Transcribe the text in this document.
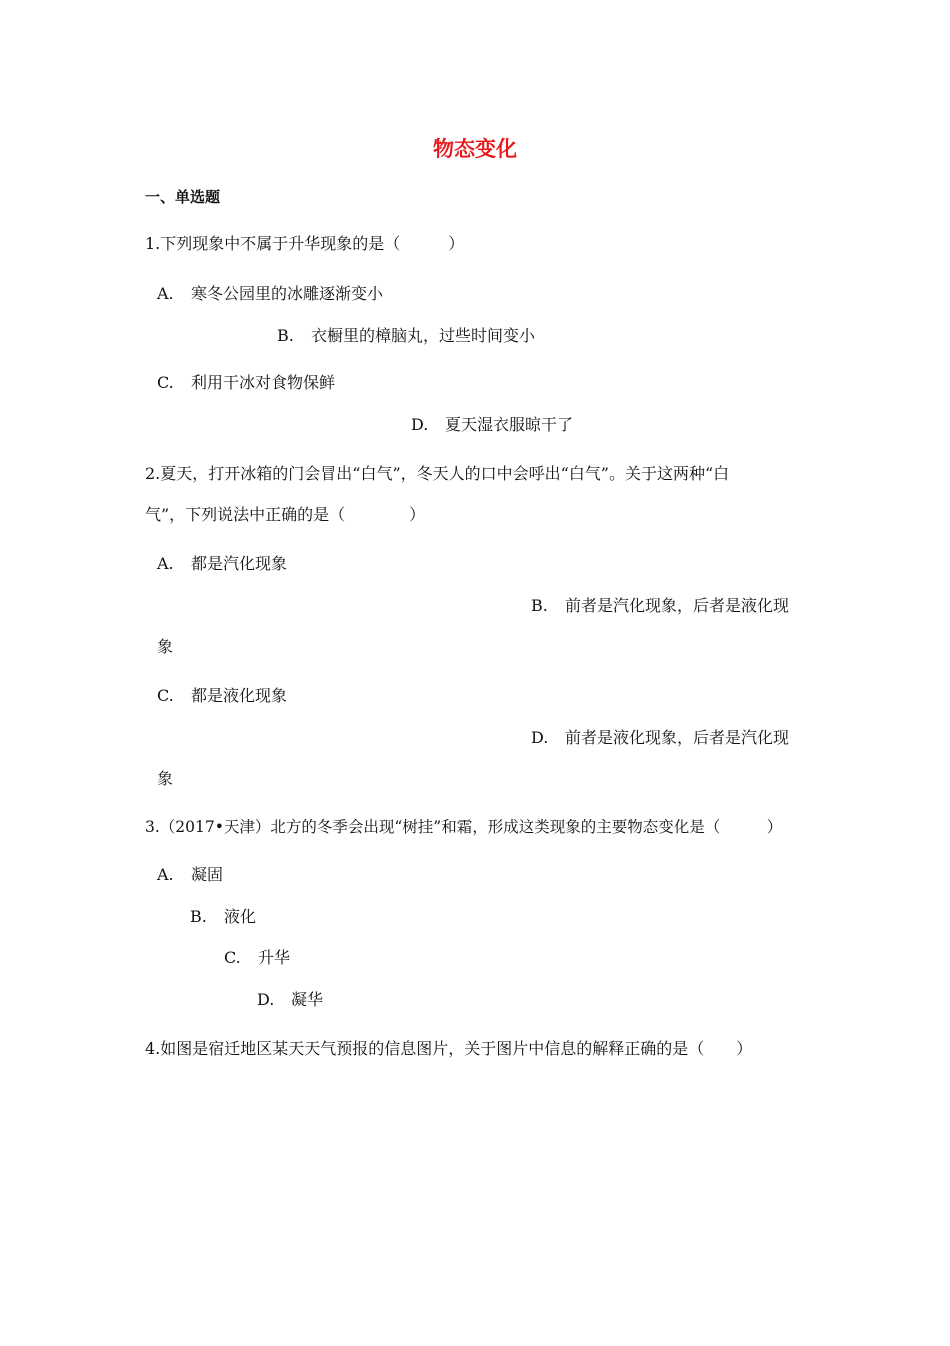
物态变化
一、单选题
1.下列现象中不属于升华现象的是（　　　）
A. 寒冬公园里的冰雕逐渐变小
B. 衣橱里的樟脑丸，过些时间变小
C. 利用干冰对食物保鲜
D. 夏天湿衣服晾干了
2.夏天，打开冰箱的门会冒出“白气”，冬天人的口中会呼出“白气”。关于这两种“白
气”，下列说法中正确的是（　　　　）
A. 都是汽化现象
B. 前者是汽化现象，后者是液化现
象
C. 都是液化现象
D. 前者是液化现象，后者是汽化现
象
3.（2017•天津）北方的冬季会出现“树挂”和霜，形成这类现象的主要物态变化是（　　　）
A. 凝固
B. 液化
C. 升华
D. 凝华
4.如图是宿迁地区某天天气预报的信息图片，关于图片中信息的解释正确的是（　　）
